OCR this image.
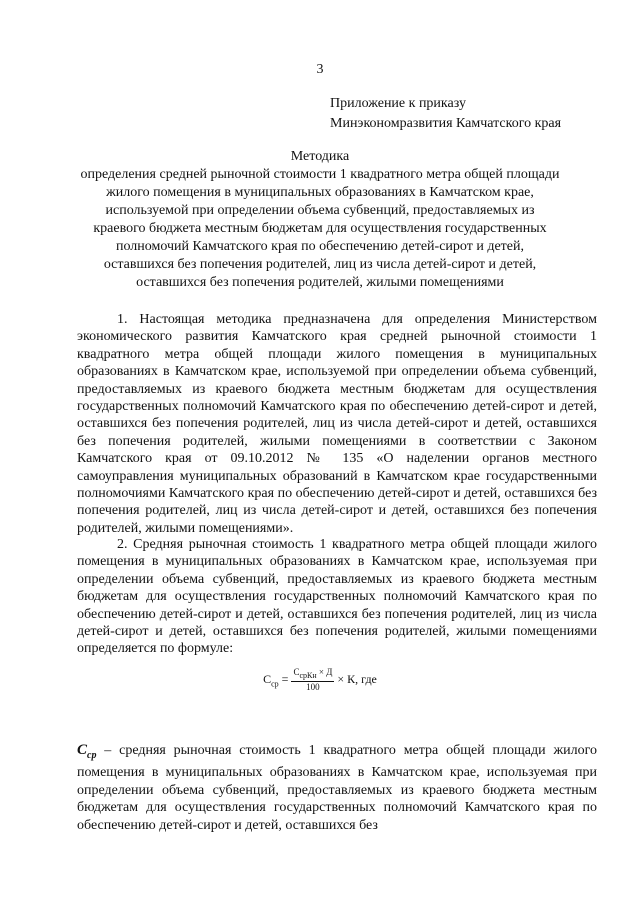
3
Приложение к приказу
Минэкономразвития Камчатского края
Методика
определения средней рыночной стоимости 1 квадратного метра общей площади
жилого помещения в муниципальных образованиях в Камчатском крае,
используемой при определении объема субвенций, предоставляемых из
краевого бюджета местным бюджетам для осуществления государственных
полномочий Камчатского края по обеспечению детей-сирот и детей,
оставшихся без попечения родителей, лиц из числа детей-сирот и детей,
оставшихся без попечения родителей, жилыми помещениями

1. Настоящая методика предназначена для определения Министерством экономического развития Камчатского края средней рыночной стоимости 1 квадратного метра общей площади жилого помещения в муниципальных образованиях в Камчатском крае, используемой при определении объема субвенций, предоставляемых из краевого бюджета местным бюджетам для осуществления государственных полномочий Камчатского края по обеспечению детей-сирот и детей, оставшихся без попечения родителей, лиц из числа детей-сирот и детей, оставшихся без попечения родителей, жилыми помещениями в соответствии с Законом Камчатского края от 09.10.2012 № 135 «О наделении органов местного самоуправления муниципальных образований в Камчатском крае государственными полномочиями Камчатского края по обеспечению детей-сирот и детей, оставшихся без попечения родителей, лиц из числа детей-сирот и детей, оставшихся без попечения родителей, жилыми помещениями».

2. Средняя рыночная стоимость 1 квадратного метра общей площади жилого помещения в муниципальных образованиях в Камчатском крае, используемая при определении объема субвенций, предоставляемых из краевого бюджета местным бюджетам для осуществления государственных полномочий Камчатского края по обеспечению детей-сирот и детей, оставшихся без попечения родителей, лиц из числа детей-сирот и детей, оставшихся без попечения родителей, жилыми помещениями определяется по формуле:

$С_{ср} = \frac{\text{СсрКн × Д}}{100} \times К$, где

$С_{ср}$ – средняя рыночная стоимость 1 квадратного метра общей площади жилого помещения в муниципальных образованиях в Камчатском крае, используемая при определении объема субвенций, предоставляемых из краевого бюджета местным бюджетам для осуществления государственных полномочий Камчатского края по обеспечению детей-сирот и детей, оставшихся без
